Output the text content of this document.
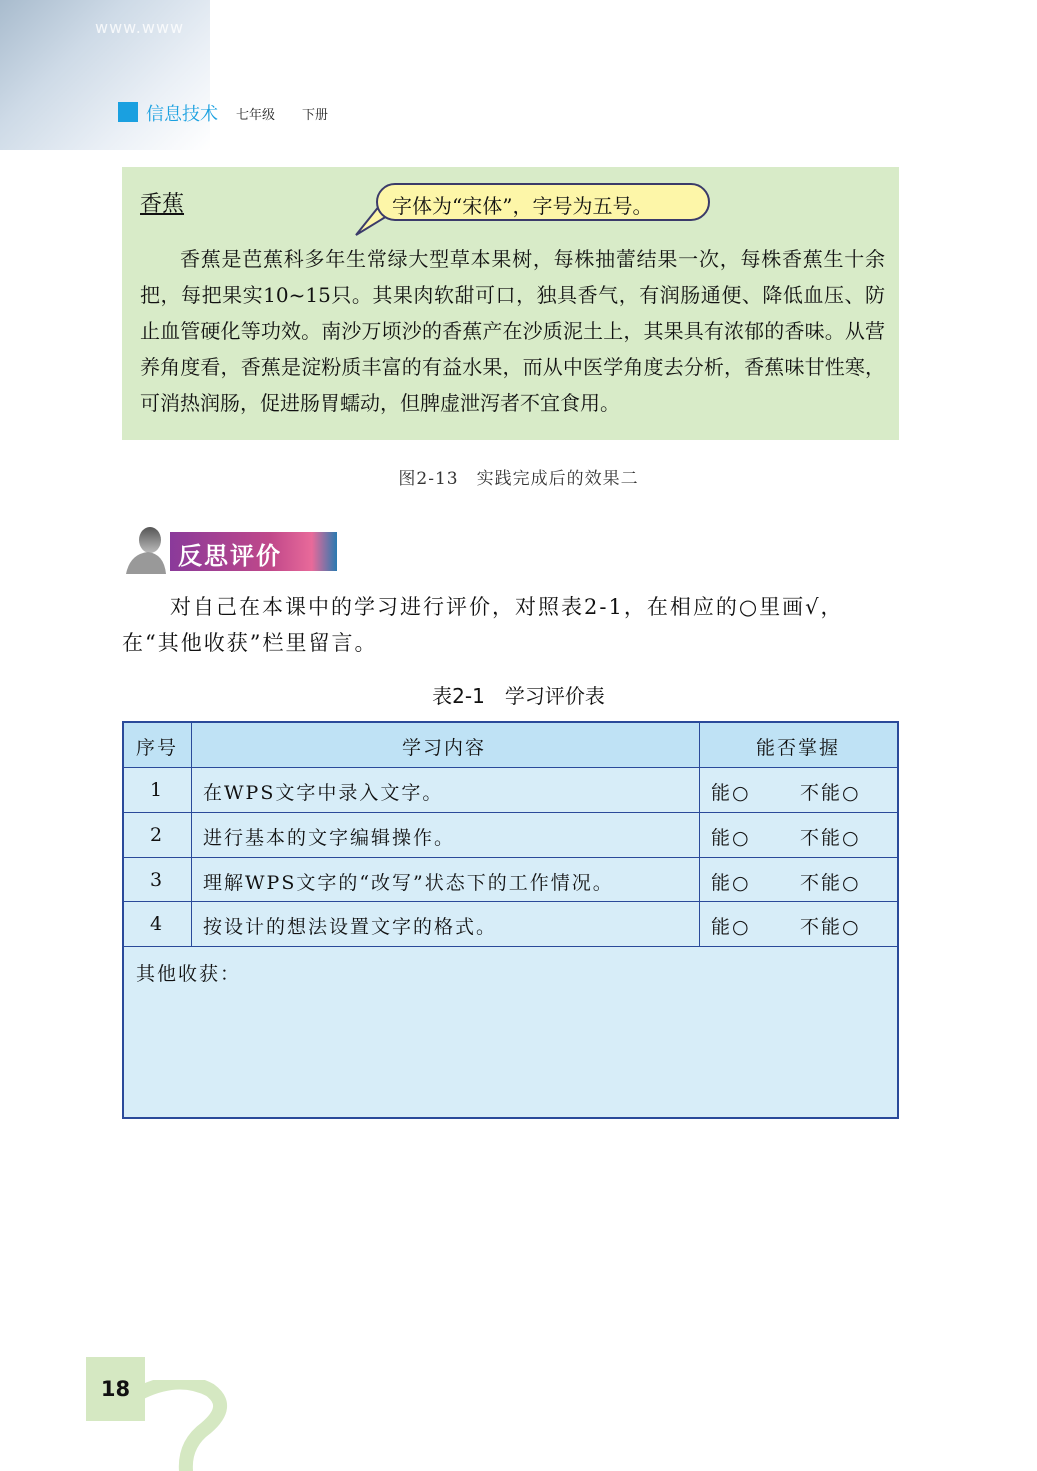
www.www
信息技术 七年级 下册
香蕉	字体为“宋体”，字号为五号。
香蕉是芭蕉科多年生常绿大型草本果树，每株抽蕾结果一次，每株香蕉生十余把，每把果实10~15只。其果肉软甜可口，独具香气，有润肠通便、降低血压、防止血管硬化等功效。南沙万顷沙的香蕉产在沙质泥土上，其果具有浓郁的香味。从营养角度看，香蕉是淀粉质丰富的有益水果，而从中医学角度去分析，香蕉味甘性寒，可消热润肠，促进肠胃蠕动，但脾虚泄泻者不宜食用。
图2-13　实践完成后的效果二
反思评价
对自己在本课中的学习进行评价，对照表2-1，在相应的○里画√，
在“其他收获”栏里留言。
表2-1　学习评价表
序号	学习内容	能否掌握
1	在WPS文字中录入文字。	能○	不能○
2	进行基本的文字编辑操作。	能○	不能○
3	理解WPS文字的“改写”状态下的工作情况。	能○	不能○
4	按设计的想法设置文字的格式。	能○	不能○
其他收获：
18
